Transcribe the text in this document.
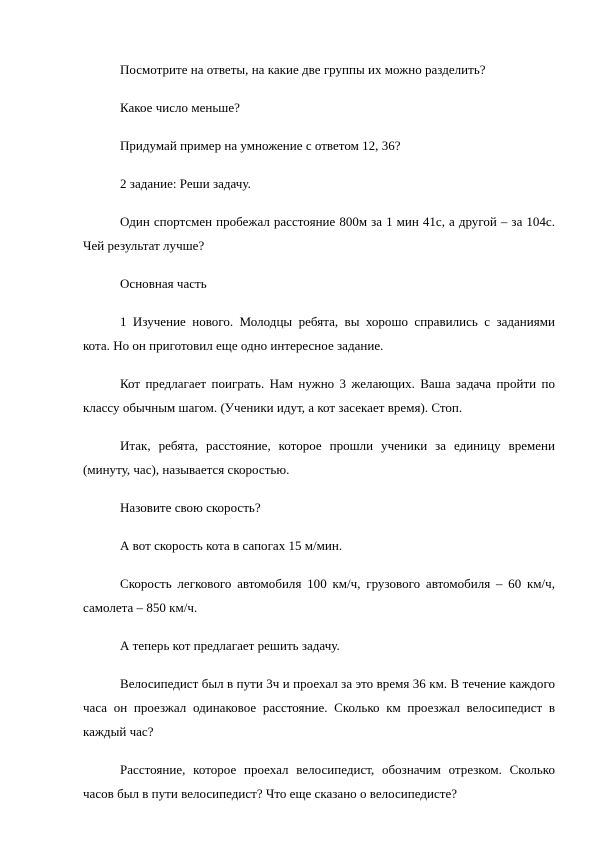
Посмотрите на ответы, на какие две группы их можно разделить?

Какое число меньше?

Придумай пример на умножение с ответом 12, 36?

2 задание: Реши задачу.

Один спортсмен пробежал расстояние 800м за 1 мин 41с, а другой – за 104с. Чей результат лучше?

Основная часть

1 Изучение нового. Молодцы ребята, вы хорошо справились с заданиями кота. Но он приготовил еще одно интересное задание.

Кот предлагает поиграть. Нам нужно 3 желающих. Ваша задача пройти по классу обычным шагом. (Ученики идут, а кот засекает время). Стоп.

Итак, ребята, расстояние, которое прошли ученики за единицу времени (минуту, час), называется скоростью.

Назовите свою скорость?

А вот скорость кота в сапогах 15 м/мин.

Скорость легкового автомобиля 100 км/ч, грузового автомобиля – 60 км/ч, самолета – 850 км/ч.

А теперь кот предлагает решить задачу.

Велосипедист был в пути 3ч и проехал за это время 36 км. В течение каждого часа он проезжал одинаковое расстояние. Сколько км проезжал велосипедист в каждый час?

Расстояние, которое проехал велосипедист, обозначим отрезком. Сколько часов был в пути велосипедист? Что еще сказано о велосипедисте?
